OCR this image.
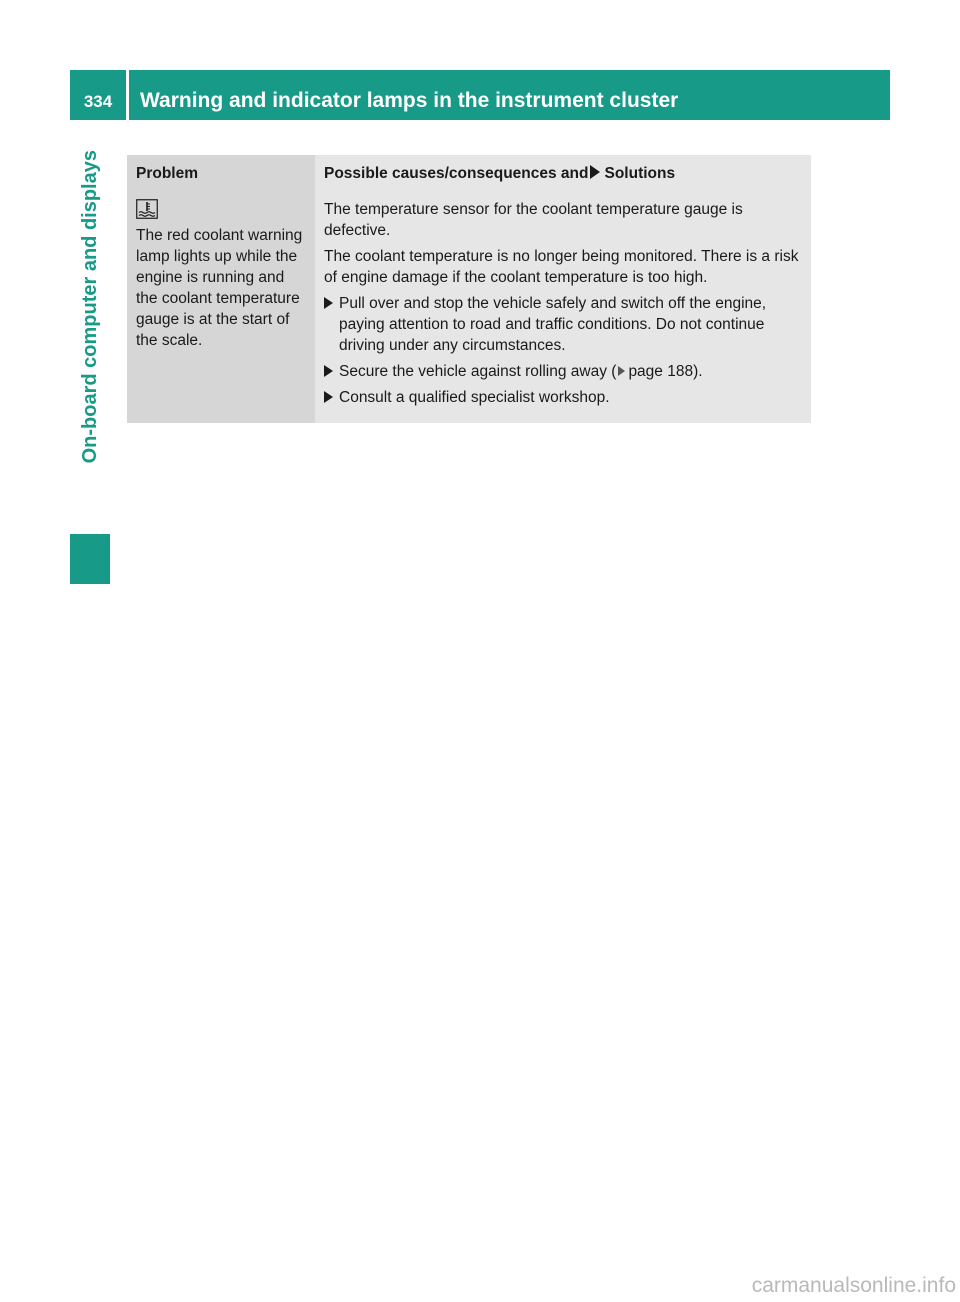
334	Warning and indicator lamps in the instrument cluster
On-board computer and displays	Problem	Possible causes/consequences and Solutions

The red coolant warning lamp lights up while the engine is running and the coolant temperature gauge is at the start of the scale.	The temperature sensor for the coolant temperature gauge is defective.
The coolant temperature is no longer being monitored. There is a risk of engine damage if the coolant temperature is too high.
Pull over and stop the vehicle safely and switch off the engine, paying attention to road and traffic conditions. Do not continue driving under any circumstances.
Secure the vehicle against rolling away ( page 188).
Consult a qualified specialist workshop.
carmanualsonline.info
